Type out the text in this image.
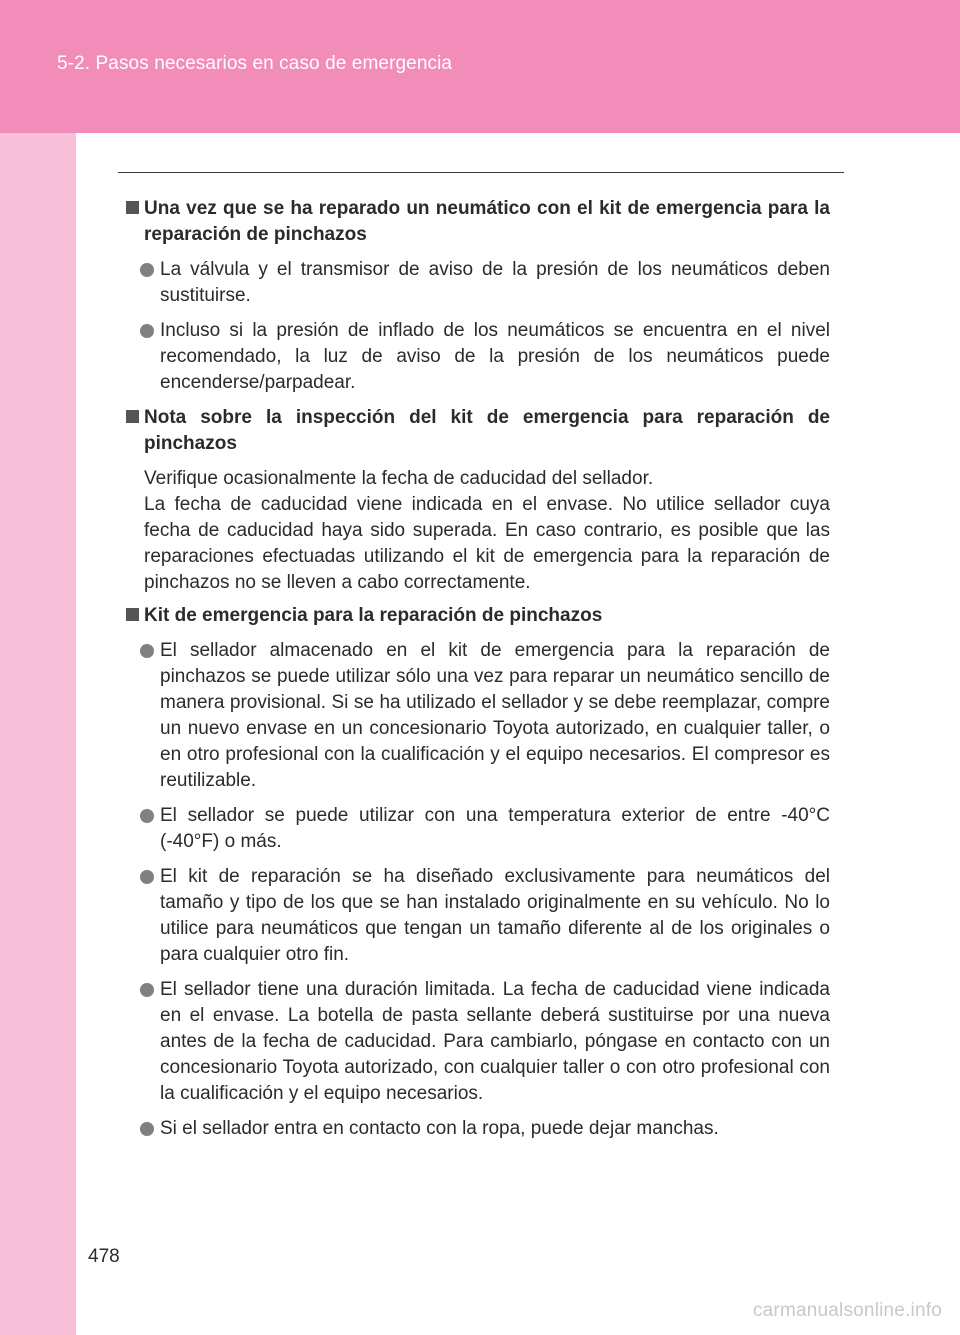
5-2. Pasos necesarios en caso de emergencia
Una vez que se ha reparado un neumático con el kit de emergencia para la reparación de pinchazos
La válvula y el transmisor de aviso de la presión de los neumáticos deben sustituirse.
Incluso si la presión de inflado de los neumáticos se encuentra en el nivel recomendado, la luz de aviso de la presión de los neumáticos puede encenderse/parpadear.
Nota sobre la inspección del kit de emergencia para reparación de pinchazos
Verifique ocasionalmente la fecha de caducidad del sellador.
La fecha de caducidad viene indicada en el envase. No utilice sellador cuya fecha de caducidad haya sido superada. En caso contrario, es posible que las reparaciones efectuadas utilizando el kit de emergencia para la reparación de pinchazos no se lleven a cabo correctamente.
Kit de emergencia para la reparación de pinchazos
El sellador almacenado en el kit de emergencia para la reparación de pinchazos se puede utilizar sólo una vez para reparar un neumático sencillo de manera provisional. Si se ha utilizado el sellador y se debe reemplazar, compre un nuevo envase en un concesionario Toyota autorizado, en cualquier taller, o en otro profesional con la cualificación y el equipo necesarios. El compresor es reutilizable.
El sellador se puede utilizar con una temperatura exterior de entre -40°C (-40°F) o más.
El kit de reparación se ha diseñado exclusivamente para neumáticos del tamaño y tipo de los que se han instalado originalmente en su vehículo. No lo utilice para neumáticos que tengan un tamaño diferente al de los originales o para cualquier otro fin.
El sellador tiene una duración limitada. La fecha de caducidad viene indicada en el envase. La botella de pasta sellante deberá sustituirse por una nueva antes de la fecha de caducidad. Para cambiarlo, póngase en contacto con un concesionario Toyota autorizado, con cualquier taller o con otro profesional con la cualificación y el equipo necesarios.
Si el sellador entra en contacto con la ropa, puede dejar manchas.
478
carmanualsonline.info
